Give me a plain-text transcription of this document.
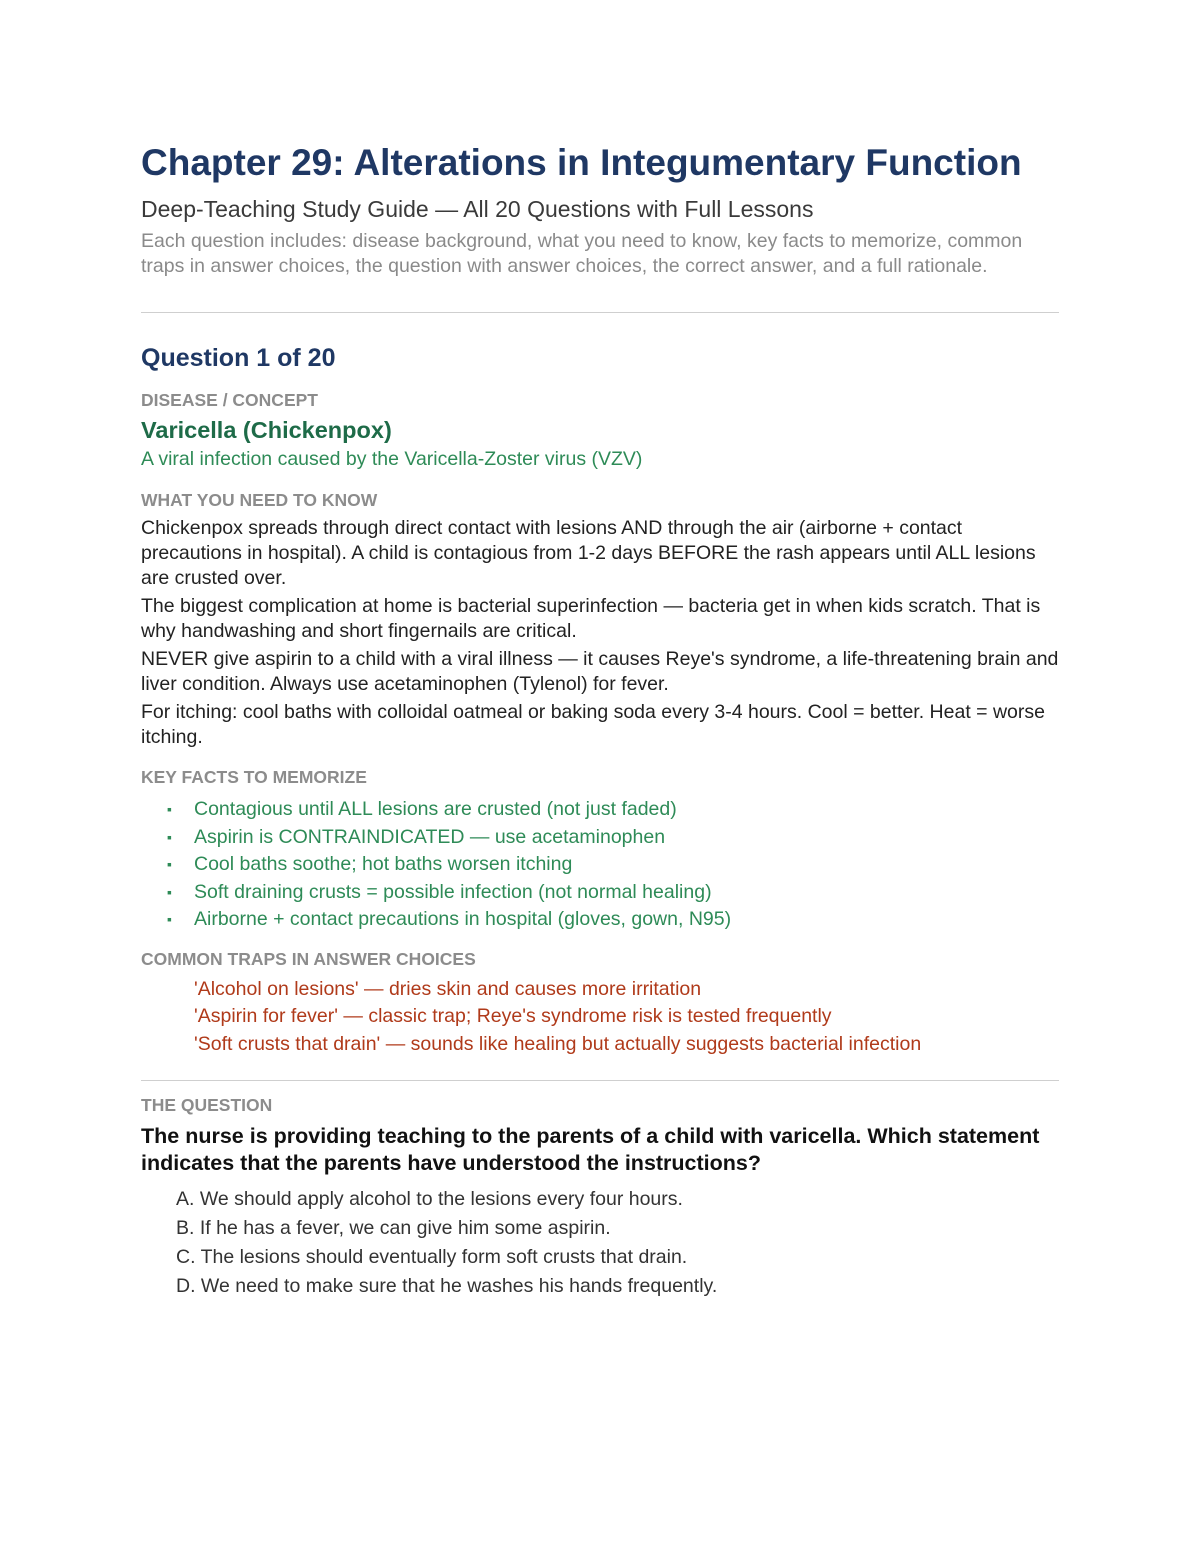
Chapter 29: Alterations in Integumentary Function

Deep-Teaching Study Guide — All 20 Questions with Full Lessons

Each question includes: disease background, what you need to know, key facts to memorize, common traps in answer choices, the question with answer choices, the correct answer, and a full rationale.

Question 1 of 20
DISEASE / CONCEPT
Varicella (Chickenpox)
A viral infection caused by the Varicella-Zoster virus (VZV)
WHAT YOU NEED TO KNOW

Chickenpox spreads through direct contact with lesions AND through the air (airborne + contact precautions in hospital). A child is contagious from 1-2 days BEFORE the rash appears until ALL lesions are crusted over.

The biggest complication at home is bacterial superinfection — bacteria get in when kids scratch. That is why handwashing and short fingernails are critical.

NEVER give aspirin to a child with a viral illness — it causes Reye's syndrome, a life-threatening brain and liver condition. Always use acetaminophen (Tylenol) for fever.

For itching: cool baths with colloidal oatmeal or baking soda every 3-4 hours. Cool = better. Heat = worse itching.

KEY FACTS TO MEMORIZE
▪ Contagious until ALL lesions are crusted (not just faded)
▪ Aspirin is CONTRAINDICATED — use acetaminophen
▪ Cool baths soothe; hot baths worsen itching
▪ Soft draining crusts = possible infection (not normal healing)
▪ Airborne + contact precautions in hospital (gloves, gown, N95)
COMMON TRAPS IN ANSWER CHOICES
'Alcohol on lesions' — dries skin and causes more irritation
'Aspirin for fever' — classic trap; Reye's syndrome risk is tested frequently
'Soft crusts that drain' — sounds like healing but actually suggests bacterial infection
THE QUESTION

The nurse is providing teaching to the parents of a child with varicella. Which statement indicates that the parents have understood the instructions?

A. We should apply alcohol to the lesions every four hours.
B. If he has a fever, we can give him some aspirin.
C. The lesions should eventually form soft crusts that drain.
D. We need to make sure that he washes his hands frequently.
